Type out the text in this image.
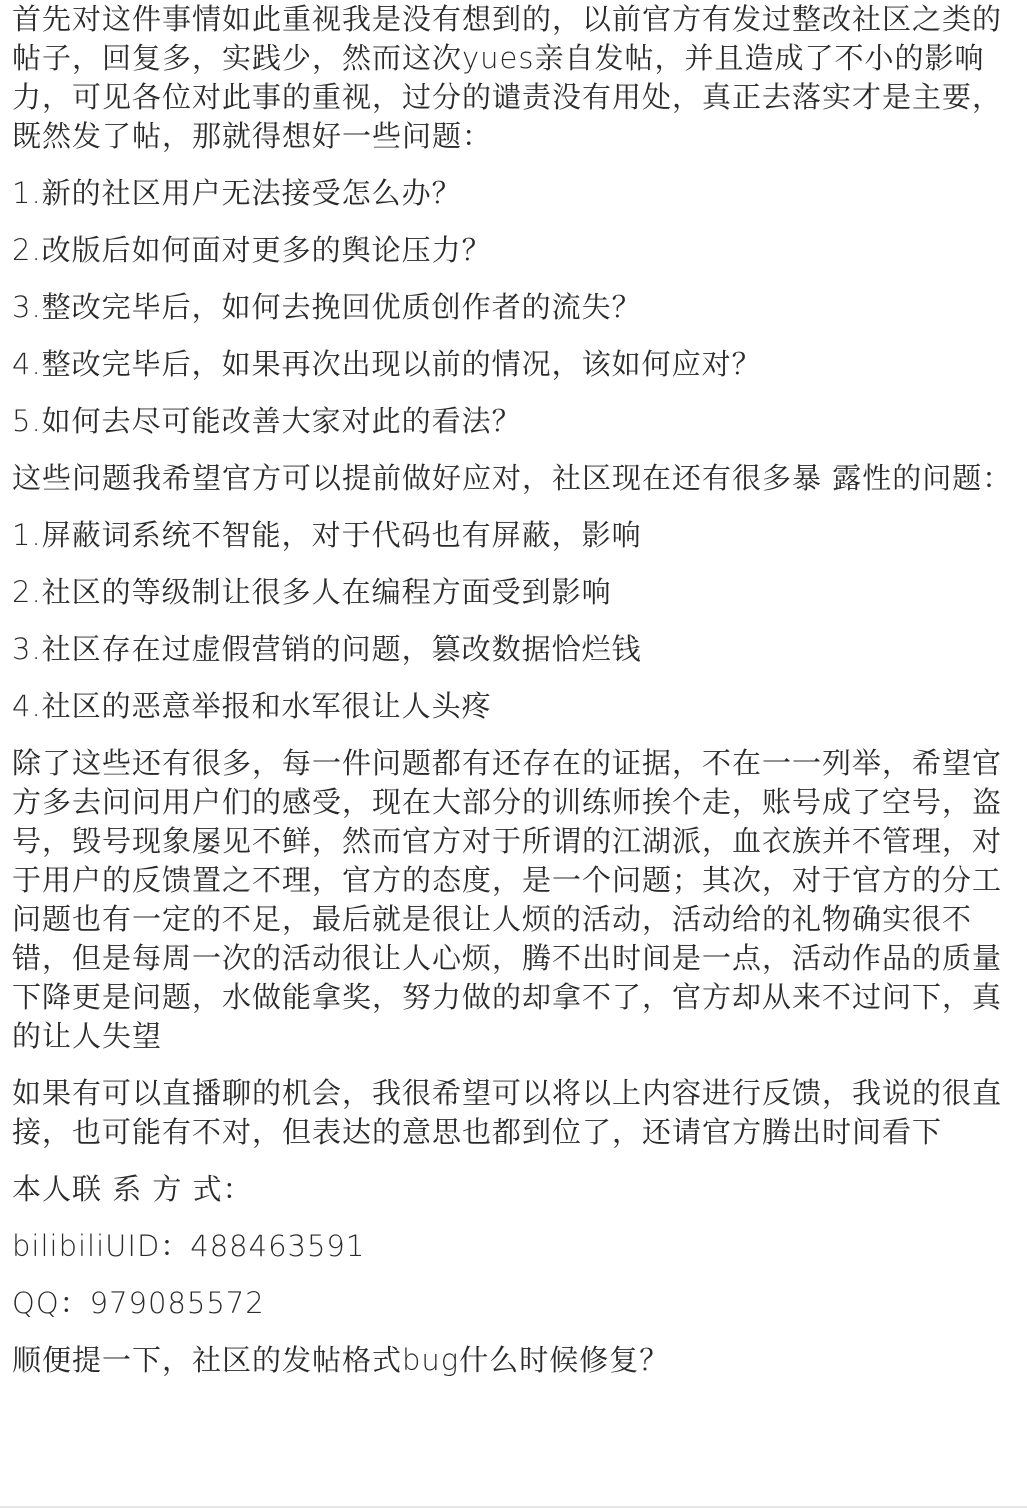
首先对这件事情如此重视我是没有想到的，以前官方有发过整改社区之类的帖子，回复多，实践少，然而这次yues亲自发帖，并且造成了不小的影响力，可见各位对此事的重视，过分的谴责没有用处，真正去落实才是主要，既然发了帖，那就得想好一些问题：

1.新的社区用户无法接受怎么办？

2.改版后如何面对更多的舆论压力？

3.整改完毕后，如何去挽回优质创作者的流失？

4.整改完毕后，如果再次出现以前的情况，该如何应对？

5.如何去尽可能改善大家对此的看法？

这些问题我希望官方可以提前做好应对，社区现在还有很多暴 露性的问题：

1.屏蔽词系统不智能，对于代码也有屏蔽，影响

2.社区的等级制让很多人在编程方面受到影响

3.社区存在过虚假营销的问题，篡改数据恰烂钱

4.社区的恶意举报和水军很让人头疼

除了这些还有很多，每一件问题都有还存在的证据，不在一一列举，希望官方多去问问用户们的感受，现在大部分的训练师挨个走，账号成了空号，盗号，毁号现象屡见不鲜，然而官方对于所谓的江湖派，血衣族并不管理，对于用户的反馈置之不理，官方的态度，是一个问题；其次，对于官方的分工问题也有一定的不足，最后就是很让人烦的活动，活动给的礼物确实很不错，但是每周一次的活动很让人心烦，腾不出时间是一点，活动作品的质量下降更是问题，水做能拿奖，努力做的却拿不了，官方却从来不过问下，真的让人失望

如果有可以直播聊的机会，我很希望可以将以上内容进行反馈，我说的很直接，也可能有不对，但表达的意思也都到位了，还请官方腾出时间看下

本人联 系 方 式：

bilibiliUID：488463591

QQ：979085572

顺便提一下，社区的发帖格式bug什么时候修复？
